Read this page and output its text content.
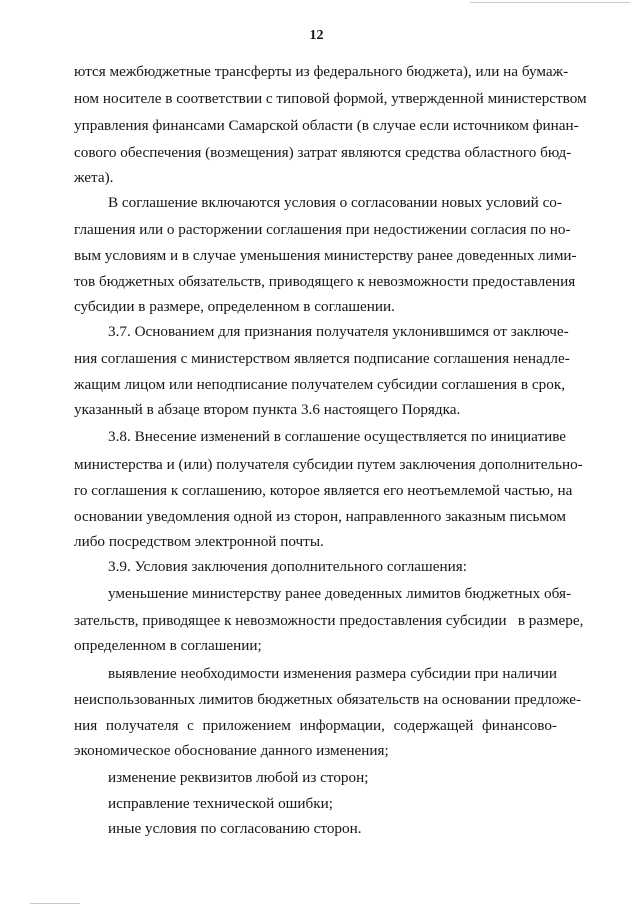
12
ются межбюджетные трансферты из федерального бюджета), или на бумаж-
ном носителе в соответствии с типовой формой, утвержденной министерством
управления финансами Самарской области (в случае если источником финан-
сового обеспечения (возмещения) затрат являются средства областного бюд-
жета).
В соглашение включаются условия о согласовании новых условий со-
глашения или о расторжении соглашения при недостижении согласия по но-
вым условиям и в случае уменьшения министерству ранее доведенных лими-
тов бюджетных обязательств, приводящего к невозможности предоставления
субсидии в размере, определенном в соглашении.
3.7. Основанием для признания получателя уклонившимся от заключе-
ния соглашения с министерством является подписание соглашения ненадле-
жащим лицом или неподписание получателем субсидии соглашения в срок,
указанный в абзаце втором пункта 3.6 настоящего Порядка.
3.8. Внесение изменений в соглашение осуществляется по инициативе
министерства и (или) получателя субсидии путем заключения дополнительно-
го соглашения к соглашению, которое является его неотъемлемой частью, на
основании уведомления одной из сторон, направленного заказным письмом
либо посредством электронной почты.
3.9. Условия заключения дополнительного соглашения:
уменьшение министерству ранее доведенных лимитов бюджетных обя-
зательств, приводящее к невозможности предоставления субсидии   в размере,
определенном в соглашении;
выявление необходимости изменения размера субсидии при наличии
неиспользованных лимитов бюджетных обязательств на основании предложе-
ния получателя с приложением информации, содержащей финансово-
экономическое обоснование данного изменения;
изменение реквизитов любой из сторон;
исправление технической ошибки;
иные условия по согласованию сторон.
